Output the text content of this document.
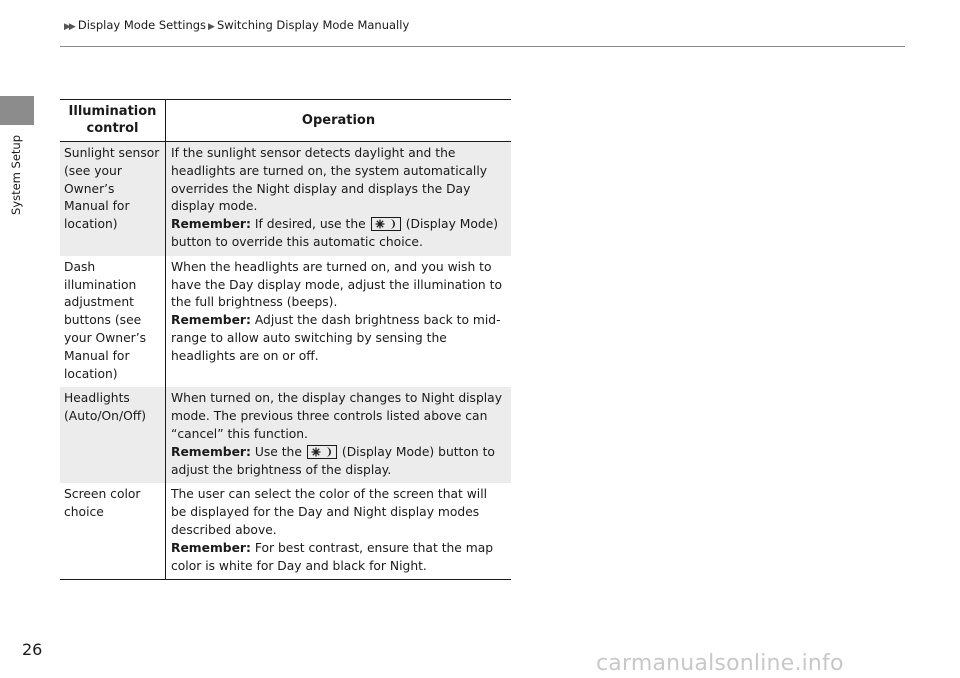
▶▶ Display Mode Settings ▶ Switching Display Mode Manually
System Setup
Illumination control	Operation
Sunlight sensor (see your Owner’s Manual for location)	If the sunlight sensor detects daylight and the headlights are turned on, the system automatically overrides the Night display and displays the Day display mode.
Remember: If desired, use the (Display Mode) button to override this automatic choice.
Dash illumination adjustment buttons (see your Owner’s Manual for location)	When the headlights are turned on, and you wish to have the Day display mode, adjust the illumination to the full brightness (beeps).
Remember: Adjust the dash brightness back to mid-range to allow auto switching by sensing the headlights are on or off.
Headlights (Auto/On/Off)	When turned on, the display changes to Night display mode. The previous three controls listed above can “cancel” this function.
Remember: Use the (Display Mode) button to adjust the brightness of the display.
Screen color choice	The user can select the color of the screen that will be displayed for the Day and Night display modes described above.
Remember: For best contrast, ensure that the map color is white for Day and black for Night.
26
carmanualsonline.info
